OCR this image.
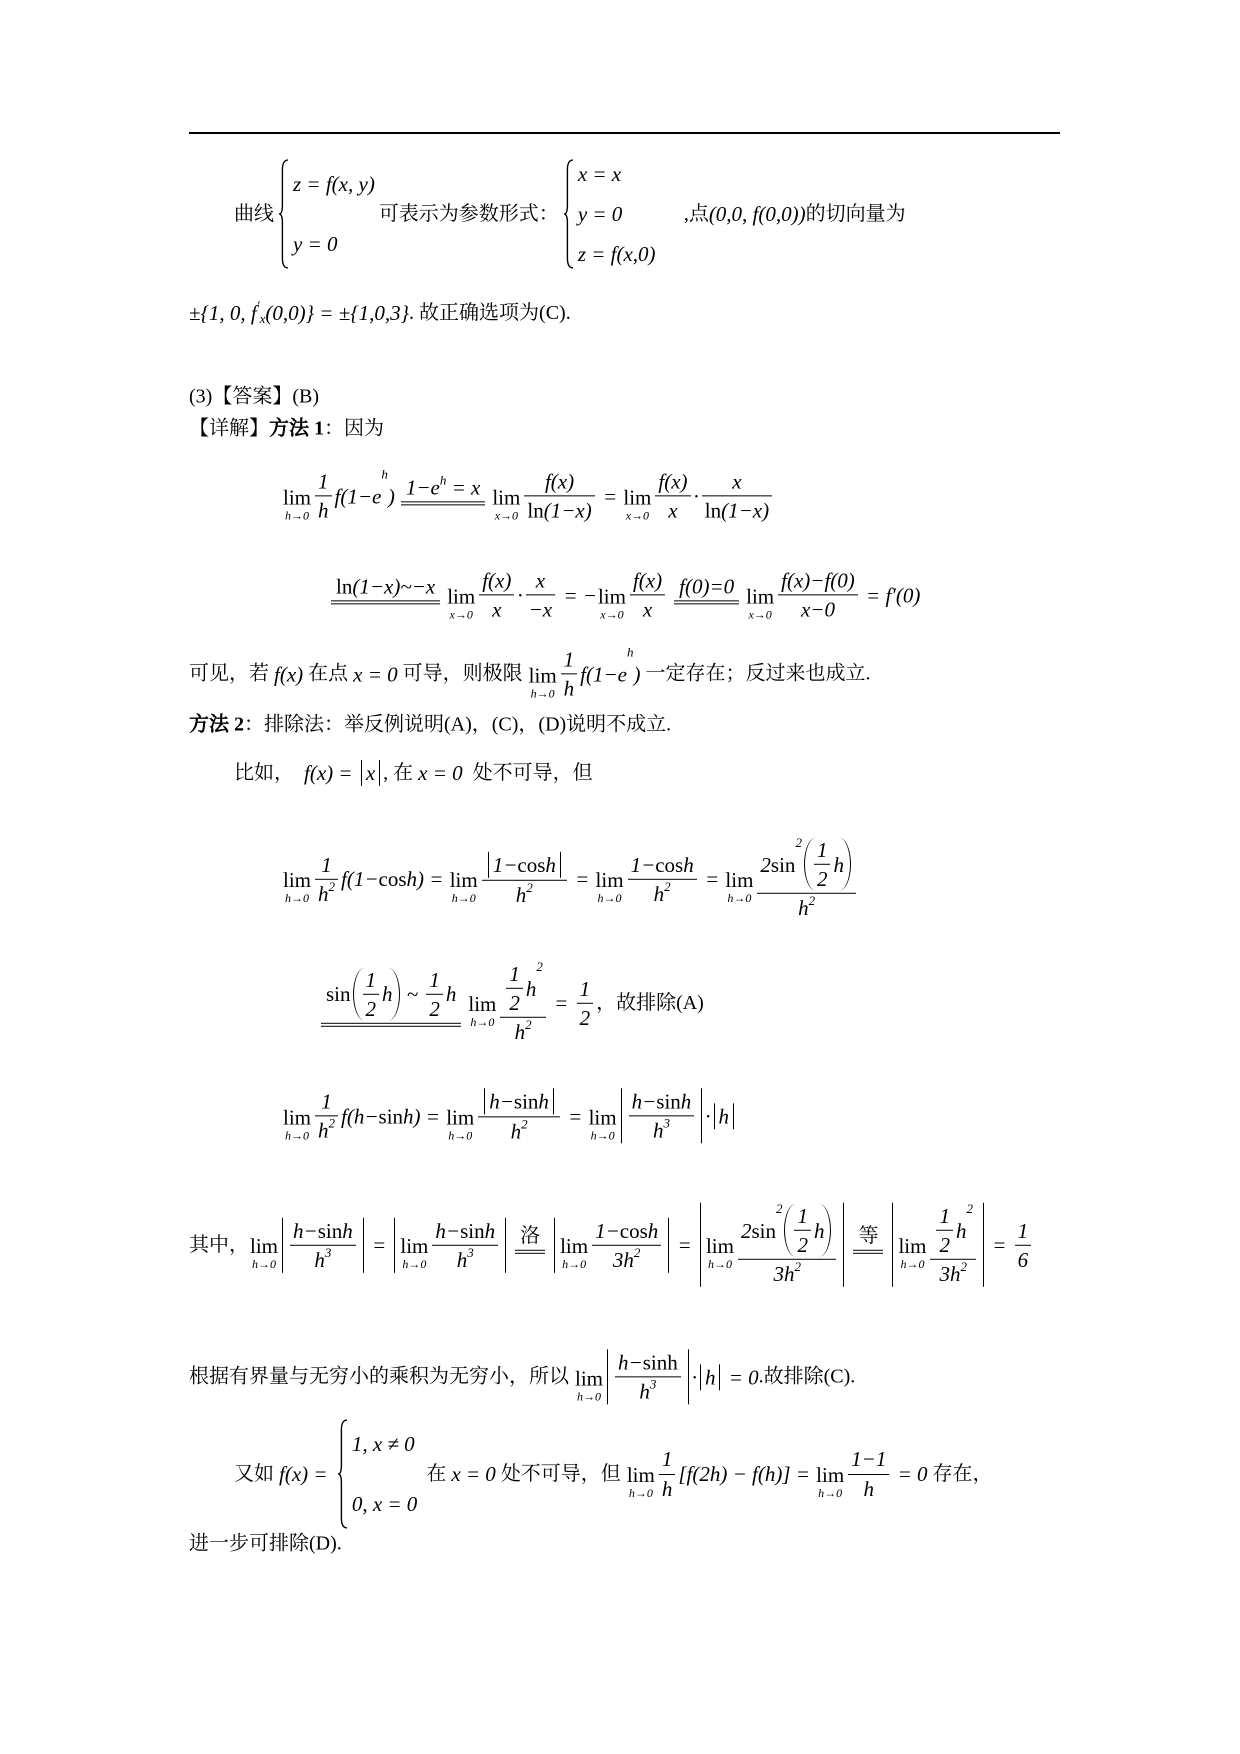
曲线
z = f(x, y)
y = 0
可表示为参数形式：
x = x
y = 0
z = f(x,0)
,点 (0,0, f(0,0)) 的切向量为
±{1, 0, f ′
x (0,0)} = ±{1,0,3} . 故正确选项为(C).
(3)【答案】(B)
【详解】 方法 1 ：因为
lim
$h\to 0 \frac{1}{h} f(1-e$
h
) 1−e h = x lim
$x\to 0 \frac{f(x)}{\ln (1-x)} = \lim$
$x\to 0 \frac{f(x)}{x} \cdot \frac{x}{\ln (1-x)}$
ln (1−x)~−x lim
$x\to 0 \frac{f(x)}{x} \cdot \frac{x}{-x}$ = − lim
$x\to 0 \frac{f(x)}{x} f(0)=0$ lim
$x\to 0 \frac{f(x)-f(0)}{x-0} = f'(0)$
可见，若 f(x) 在点 x = 0 可导，则极限 lim
$h\to 0 \frac{1}{h} f(1-e$
h
) 一定存在；反过来也成立.
方法 2 ：排除法：举反例说明(A)，(C)，(D)说明不成立.
比如， f(x) = x , 在 x = 0 处不可导，但
lim
$h\to 0 \frac{1}{h 2} f(1- \cos h) = \lim$
$h\to 0 \frac{\text{1− cos h}}{h 2} = \lim$
$h\to 0 \frac{\text{1− cos h}}{h 2} = \lim$
h→0 2 sin
$2 \frac{1}{2}$ h
h 2
$\sin \frac{1}{2}$ h ~ $\frac{1}{2}$ h lim
$h\to 0 \frac{1}{2}$ h
2
h $2 = \frac{1}{2}$ ，故排除(A)
lim
$h\to 0 \frac{1}{h 2} f(h- \sin h) = \lim$
$h\to 0 \frac{\text{h− sin h}}{h 2} = \lim$
$h\to 0 \frac{\text{h− sin h}}{h 3} \cdot h$
其中， lim
$h\to 0 \frac{\text{h− sin h}}{h 3} = \lim$
$h\to 0 \frac{\text{h− sin h}}{h 3}$ 洛 lim
$h\to 0 \frac{\text{1− cos h}}{3h 2} = \lim$
h→0 2 sin
$2 \frac{1}{2}$ h
3h 2 等 lim
$h\to 0 \frac{1}{2}$ h
2
3h $2 = \frac{1}{6}$
根据有界量与无穷小的乘积为无穷小，所以 lim
$h\to 0 \frac{h- \sinh}{h 3} \cdot h = 0$ .故排除(C).
又如 f(x) =
1, x ≠ 0
0, x = 0
在 x = 0 处不可导，但 lim
$h\to 0 \frac{1}{h} [f(2h) - f(h)] = \lim$
$h\to 0 \frac{1-1}{h} = 0$ 存在，
进一步可排除(D).
